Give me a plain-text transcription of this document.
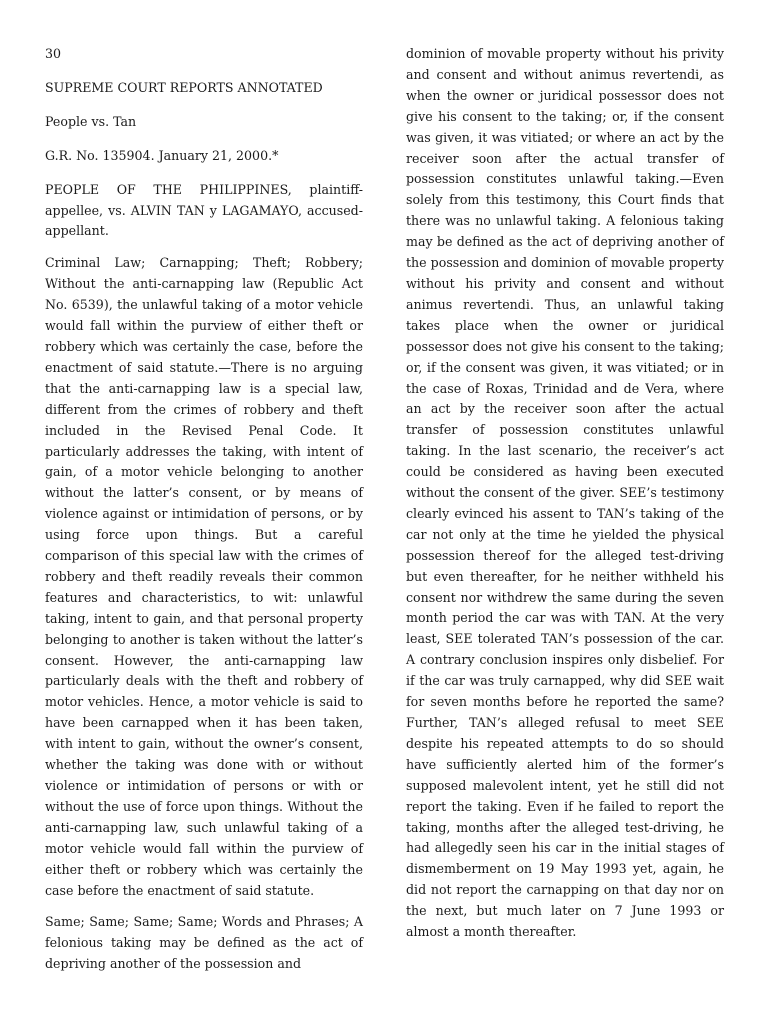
30
SUPREME COURT REPORTS ANNOTATED
People vs. Tan
G.R. No. 135904. January 21, 2000.*
PEOPLE OF THE PHILIPPINES, plaintiff-appellee, vs. ALVIN TAN y LAGAMAYO, accused-appellant.
Criminal Law; Carnapping; Theft; Robbery; Without the anti-carnapping law (Republic Act No. 6539), the unlawful taking of a motor vehicle would fall within the purview of either theft or robbery which was certainly the case, before the enactment of said statute.—There is no arguing that the anti-carnapping law is a special law, different from the crimes of robbery and theft included in the Revised Penal Code. It particularly addresses the taking, with intent of gain, of a motor vehicle belonging to another without the latter’s consent, or by means of violence against or intimidation of persons, or by using force upon things. But a careful comparison of this special law with the crimes of robbery and theft readily reveals their common features and characteristics, to wit: unlawful taking, intent to gain, and that personal property belonging to another is taken without the latter’s consent. However, the anti-carnapping law particularly deals with the theft and robbery of motor vehicles. Hence, a motor vehicle is said to have been carnapped when it has been taken, with intent to gain, without the owner’s consent, whether the taking was done with or without violence or intimidation of persons or with or without the use of force upon things. Without the anti-carnapping law, such unlawful taking of a motor vehicle would fall within the purview of either theft or robbery which was certainly the case before the enactment of said statute.
Same; Same; Same; Same; Words and Phrases; A felonious taking may be defined as the act of depriving another of the possession and
dominion of movable property without his privity and consent and without animus revertendi, as when the owner or juridical possessor does not give his consent to the taking; or, if the consent was given, it was vitiated; or where an act by the receiver soon after the actual transfer of possession constitutes unlawful taking.—Even solely from this testimony, this Court finds that there was no unlawful taking. A felonious taking may be defined as the act of depriving another of the possession and dominion of movable property without his privity and consent and without animus revertendi. Thus, an unlawful taking takes place when the owner or juridical possessor does not give his consent to the taking; or, if the consent was given, it was vitiated; or in the case of Roxas, Trinidad and de Vera, where an act by the receiver soon after the actual transfer of possession constitutes unlawful taking. In the last scenario, the receiver’s act could be considered as having been executed without the consent of the giver. SEE’s testimony clearly evinced his assent to TAN’s taking of the car not only at the time he yielded the physical possession thereof for the alleged test-driving but even thereafter, for he neither withheld his consent nor withdrew the same during the seven month period the car was with TAN. At the very least, SEE tolerated TAN’s possession of the car. A contrary conclusion inspires only disbelief. For if the car was truly carnapped, why did SEE wait for seven months before he reported the same? Further, TAN’s alleged refusal to meet SEE despite his repeated attempts to do so should have sufficiently alerted him of the former’s supposed malevolent intent, yet he still did not report the taking. Even if he failed to report the taking, months after the alleged test-driving, he had allegedly seen his car in the initial stages of dismemberment on 19 May 1993 yet, again, he did not report the carnapping on that day nor on the next, but much later on 7 June 1993 or almost a month thereafter.
